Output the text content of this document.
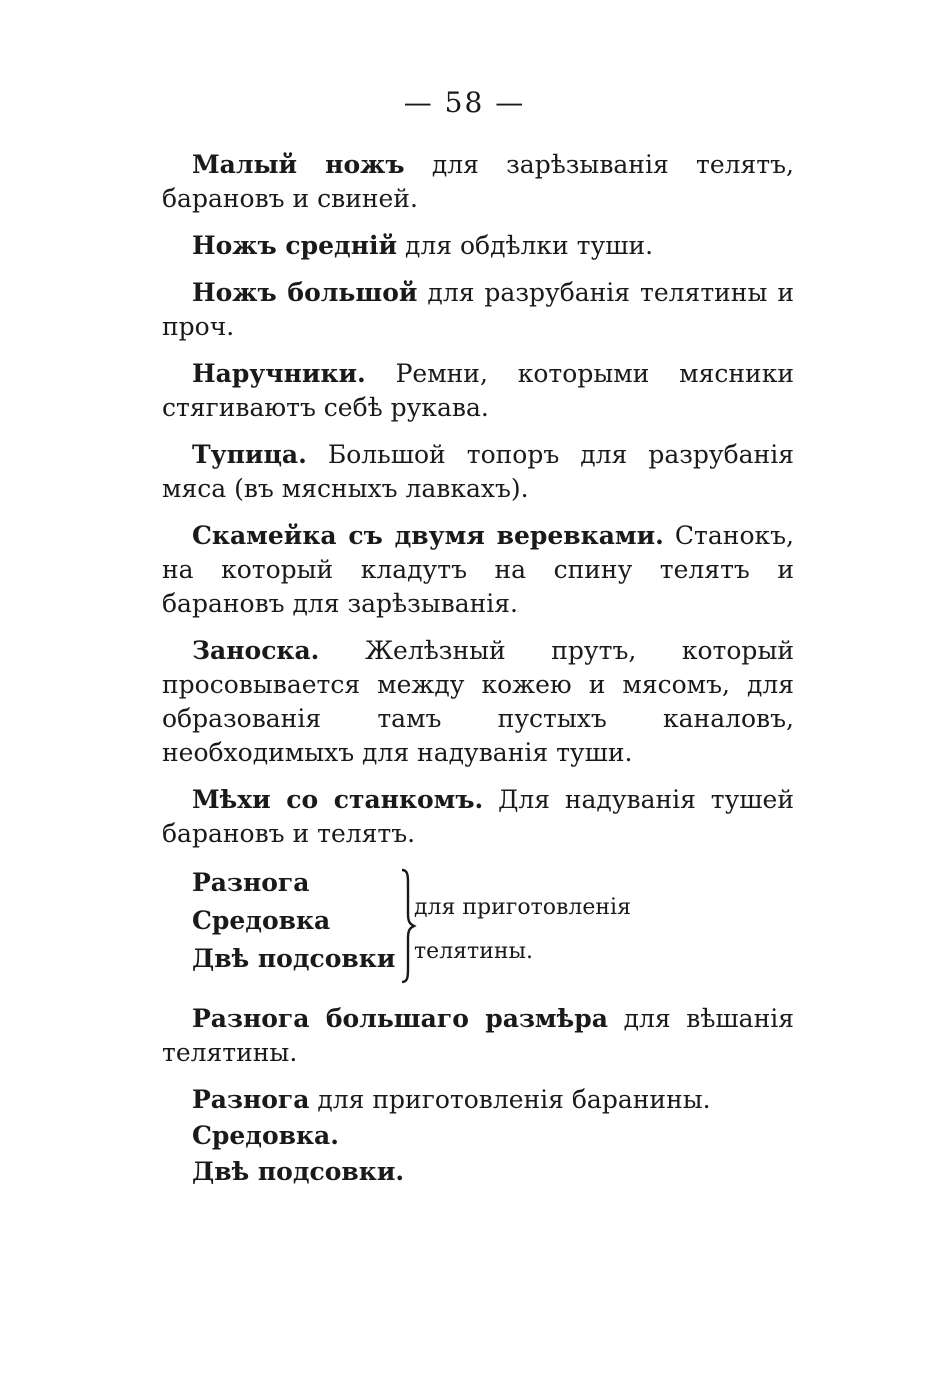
— 58 —

Малый ножъ для зарѣзыванія телятъ, барановъ и свиней.

Ножъ средній для обдѣлки туши.

Ножъ большой для разрубанія телятины и проч.

Наручники. Ремни, которыми мясники стягиваютъ себѣ рукава.

Тупица. Большой топоръ для разрубанія мяса (въ мясныхъ лавкахъ).

Скамейка съ двумя веревками. Станокъ, на который кладутъ на спину телятъ и барановъ для зарѣзыванія.

Заноска. Желѣзный прутъ, который просовывается между кожею и мясомъ, для образованія тамъ пустыхъ каналовъ, необходимыхъ для надуванія туши.

Мѣхи со станкомъ. Для надуванія тушей барановъ и телятъ.

Разнога
Средовка
Двѣ подсовки
для приготовленія
телятины.

Разнога большаго размѣра для вѣшанія телятины.

Разнога для приготовленія баранины.
Средовка.
Двѣ подсовки.
